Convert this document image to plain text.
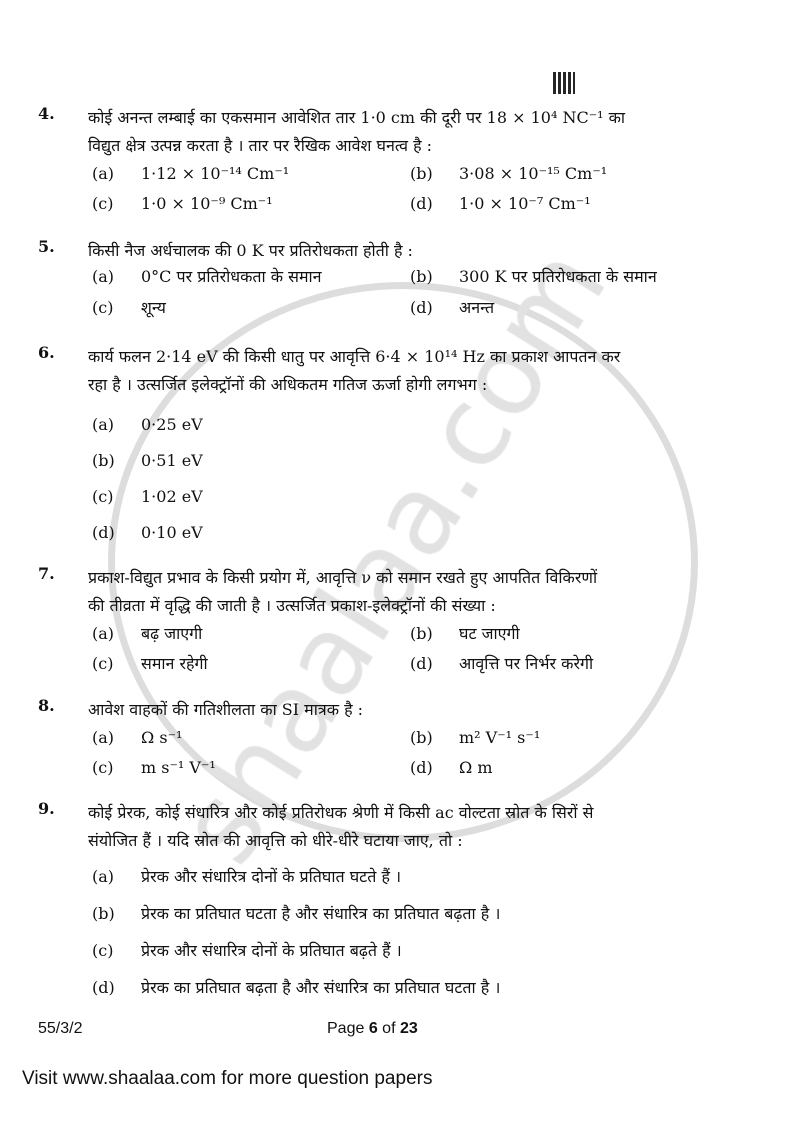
4. कोई अनन्त लम्बाई का एकसमान आवेशित तार 1·0 cm की दूरी पर 18 × 10⁴ NC⁻¹ का
विद्युत क्षेत्र उत्पन्न करता है । तार पर रैखिक आवेश घनत्व है :
(a)	1·12 × 10⁻¹⁴ Cm⁻¹	(b)	3·08 × 10⁻¹⁵ Cm⁻¹
(c)	1·0 × 10⁻⁹ Cm⁻¹	(d)	1·0 × 10⁻⁷ Cm⁻¹
5. किसी नैज अर्धचालक की 0 K पर प्रतिरोधकता होती है :
(a)	0°C पर प्रतिरोधकता के समान	(b)	300 K पर प्रतिरोधकता के समान
(c)	शून्य	(d)	अनन्त
6. कार्य फलन 2·14 eV की किसी धातु पर आवृत्ति 6·4 × 10¹⁴ Hz का प्रकाश आपतन कर
रहा है । उत्सर्जित इलेक्ट्रॉनों की अधिकतम गतिज ऊर्जा होगी लगभग :
(a)	0·25 eV
(b)	0·51 eV
(c)	1·02 eV
(d)	0·10 eV
7. प्रकाश-विद्युत प्रभाव के किसी प्रयोग में, आवृत्ति ν को समान रखते हुए आपतित विकिरणों
की तीव्रता में वृद्धि की जाती है । उत्सर्जित प्रकाश-इलेक्ट्रॉनों की संख्या :
(a)	बढ़ जाएगी	(b)	घट जाएगी
(c)	समान रहेगी	(d)	आवृत्ति पर निर्भर करेगी
8. आवेश वाहकों की गतिशीलता का SI मात्रक है :
(a)	Ω s⁻¹	(b)	m² V⁻¹ s⁻¹
(c)	m s⁻¹ V⁻¹	(d)	Ω m
9. कोई प्रेरक, कोई संधारित्र और कोई प्रतिरोधक श्रेणी में किसी ac वोल्टता स्रोत के सिरों से
संयोजित हैं । यदि स्रोत की आवृत्ति को धीरे-धीरे घटाया जाए, तो :
(a)	प्रेरक और संधारित्र दोनों के प्रतिघात घटते हैं ।
(b)	प्रेरक का प्रतिघात घटता है और संधारित्र का प्रतिघात बढ़ता है ।
(c)	प्रेरक और संधारित्र दोनों के प्रतिघात बढ़ते हैं ।
(d)	प्रेरक का प्रतिघात बढ़ता है और संधारित्र का प्रतिघात घटता है ।
55/3/2	Page 6 of 23
Visit www.shaalaa.com for more question papers
